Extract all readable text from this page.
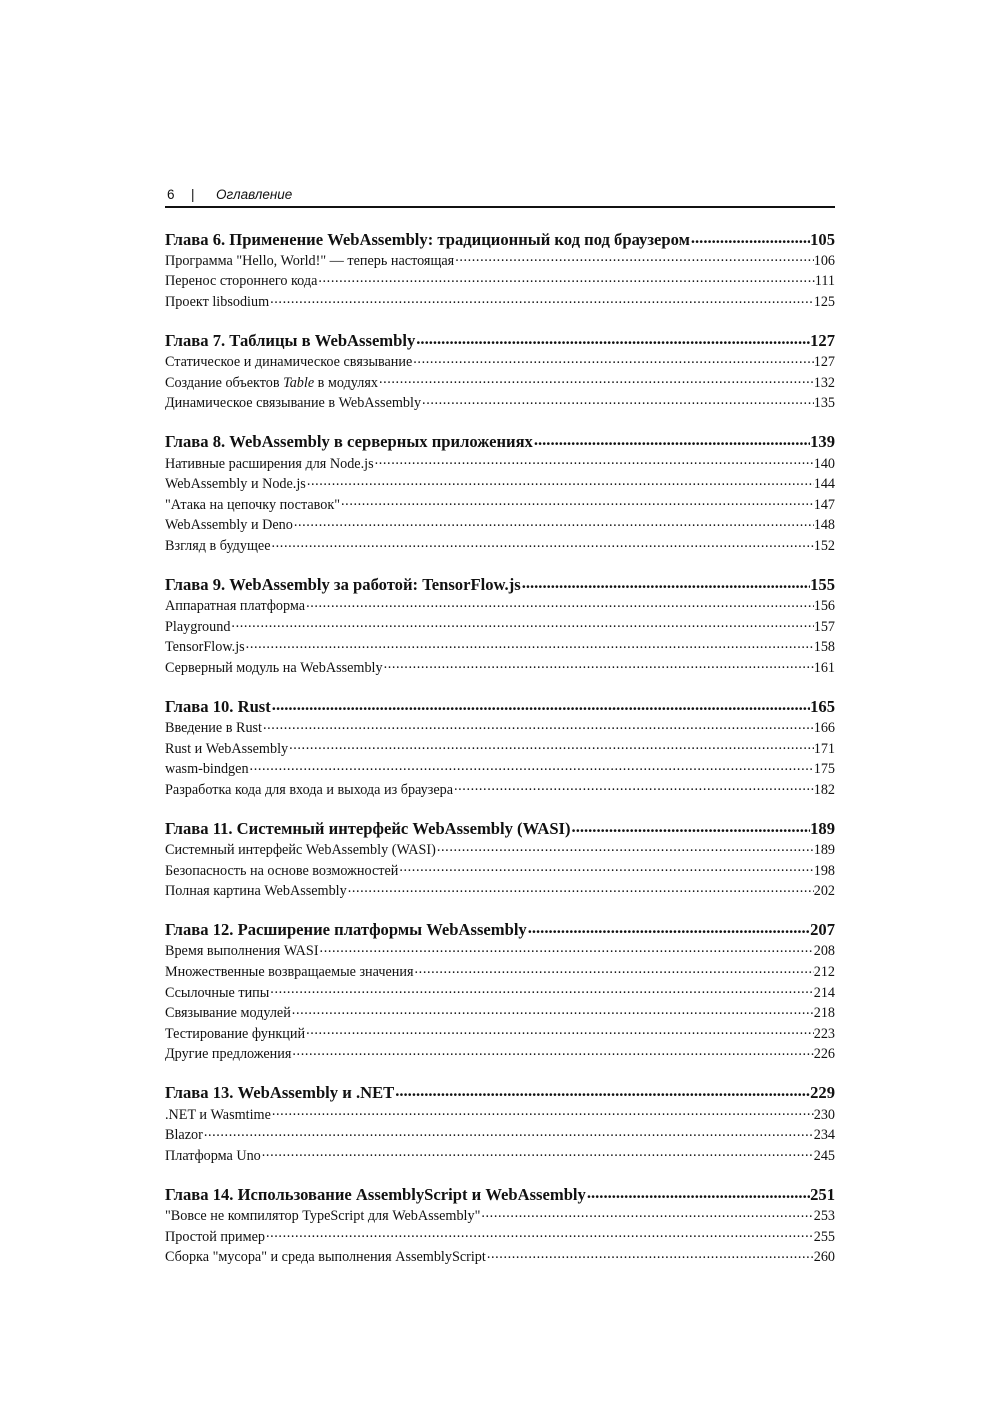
6 | Оглавление
Глава 6. Применение WebAssembly: традиционный код под браузером .....	105
Программа "Hello, World!" — теперь настоящая .....	106
Перенос стороннего кода .....	111
Проект libsodium .....	125
Глава 7. Таблицы в WebAssembly .....	127
Статическое и динамическое связывание .....	127
Создание объектов Table в модулях .....	132
Динамическое связывание в WebAssembly .....	135
Глава 8. WebAssembly в серверных приложениях .....	139
Нативные расширения для Node.js .....	140
WebAssembly и Node.js .....	144
"Атака на цепочку поставок" .....	147
WebAssembly и Deno .....	148
Взгляд в будущее .....	152
Глава 9. WebAssembly за работой: TensorFlow.js .....	155
Аппаратная платформа .....	156
Playground .....	157
TensorFlow.js .....	158
Серверный модуль на WebAssembly .....	161
Глава 10. Rust .....	165
Введение в Rust .....	166
Rust и WebAssembly .....	171
wasm-bindgen .....	175
Разработка кода для входа и выхода из браузера .....	182
Глава 11. Системный интерфейс WebAssembly (WASI) .....	189
Системный интерфейс WebAssembly (WASI) .....	189
Безопасность на основе возможностей .....	198
Полная картина WebAssembly .....	202
Глава 12. Расширение платформы WebAssembly .....	207
Время выполнения WASI .....	208
Множественные возвращаемые значения .....	212
Ссылочные типы .....	214
Связывание модулей .....	218
Тестирование функций .....	223
Другие предложения .....	226
Глава 13. WebAssembly и .NET .....	229
.NET и Wasmtime .....	230
Blazor .....	234
Платформа Uno .....	245
Глава 14. Использование AssemblyScript и WebAssembly .....	251
"Вовсе не компилятор TypeScript для WebAssembly" .....	253
Простой пример .....	255
Сборка "мусора" и среда выполнения AssemblyScript .....	260
